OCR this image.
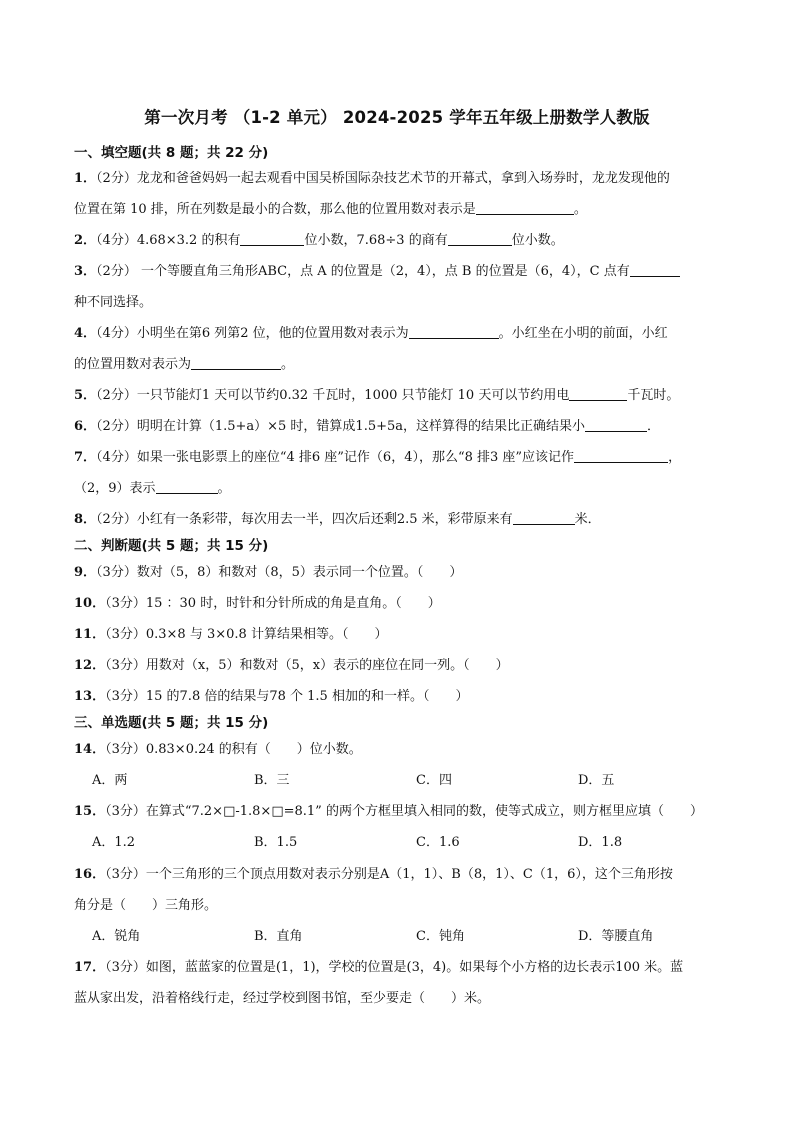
第一次月考 （1-2 单元） 2024-2025 学年五年级上册数学人教版
一、填空题(共 8 题；共 22 分)
1．（2分）龙龙和爸爸妈妈一起去观看中国吴桥国际杂技艺术节的开幕式，拿到入场券时，龙龙发现他的
位置在第 10 排，所在列数是最小的合数，那么他的位置用数对表示是	。
2．（4分）4.68×3.2 的积有	位小数，7.68÷3 的商有	位小数。
3．（2分） 一个等腰直角三角形ABC，点 A 的位置是（2，4），点 B 的位置是（6，4），C 点有
种不同选择。
4．（4分）小明坐在第6 列第2 位，他的位置用数对表示为	。小红坐在小明的前面，小红
的位置用数对表示为	。
5．（2分）一只节能灯1 天可以节约0.32 千瓦时，1000 只节能灯 10 天可以节约用电	千瓦时。
6．（2分）明明在计算（1.5+a）×5 时，错算成1.5+5a，这样算得的结果比正确结果小	．
7．（4分）如果一张电影票上的座位“4 排6 座”记作（6，4），那么“8 排3 座”应该记作	，
（2，9）表示	。
8．（2分）小红有一条彩带，每次用去一半，四次后还剩2.5 米，彩带原来有	米．
二、判断题(共 5 题；共 15 分)
9．（3分）数对（5，8）和数对（8，5）表示同一个位置。（　　）
10．（3分）15 ：30 时，时针和分针所成的角是直角。（　　）
11．（3分）0.3×8 与 3×0.8 计算结果相等。（　　）
12．（3分）用数对（x，5）和数对（5，x）表示的座位在同一列。（　　）
13．（3分）15 的7.8 倍的结果与78 个 1.5 相加的和一样。（　　）
三、单选题(共 5 题；共 15 分)
14．（3分）0.83×0.24 的积有（　　）位小数。
A．两	B．三	C．四	D．五
15．（3分）在算式“7.2×□-1.8×□=8.1” 的两个方框里填入相同的数，使等式成立，则方框里应填（　　）
A．1.2	B．1.5	C．1.6	D．1.8
16．（3分）一个三角形的三个顶点用数对表示分别是A（1，1）、B（8，1）、C（1，6），这个三角形按
角分是（　　）三角形。
A．锐角	B．直角	C．钝角	D．等腰直角
17．（3分）如图，蓝蓝家的位置是(1，1)，学校的位置是(3，4)。如果每个小方格的边长表示100 米。蓝
蓝从家出发，沿着格线行走，经过学校到图书馆，至少要走（　　）米。
